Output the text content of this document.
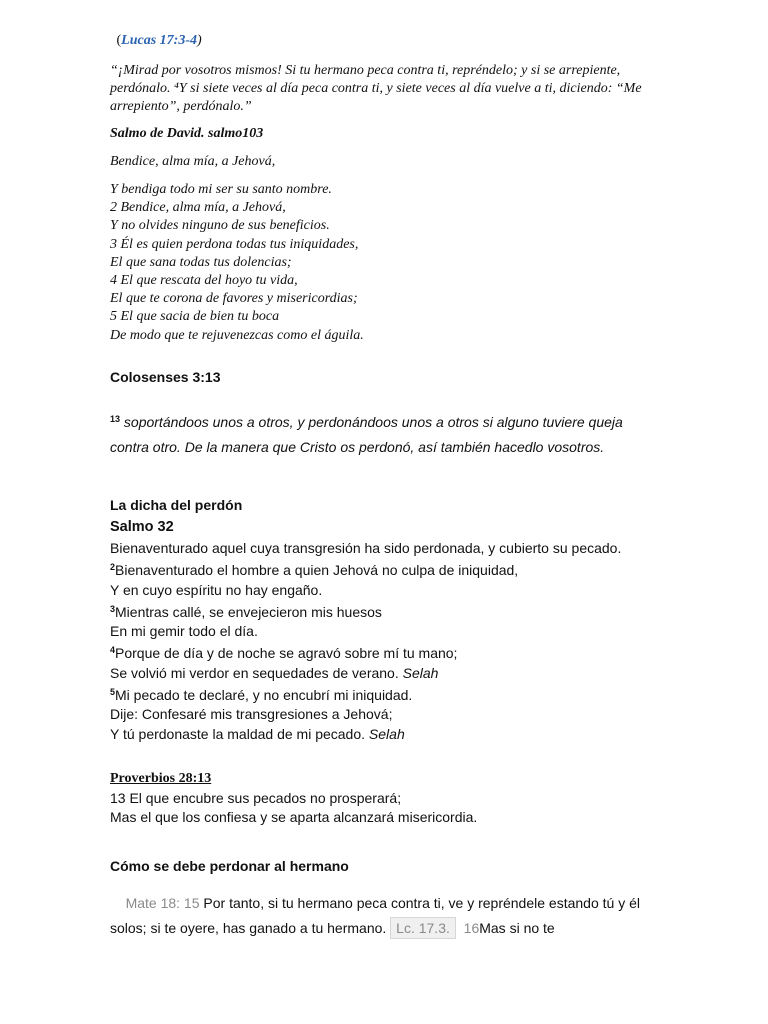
(Lucas 17:3-4)
“¡Mirad por vosotros mismos! Si tu hermano peca contra ti, repréndelo; y si se arrepiente, perdónalo. ⁴Y si siete veces al día peca contra ti, y siete veces al día vuelve a ti, diciendo: “Me arrepiento”, perdónalo.”
Salmo de David. salmo103
Bendice, alma mía, a Jehová,
Y bendiga todo mi ser su santo nombre.
2 Bendice, alma mía, a Jehová,
Y no olvides ninguno de sus beneficios.
3 Él es quien perdona todas tus iniquidades,
El que sana todas tus dolencias;
4 El que rescata del hoyo tu vida,
El que te corona de favores y misericordias;
5 El que sacia de bien tu boca
De modo que te rejuvenezcas como el águila.
Colosenses 3:13
$^{13}$ soportándoos unos a otros, y perdonándoos unos a otros si alguno tuviere queja contra otro. De la manera que Cristo os perdonó, así también hacedlo vosotros.
La dicha del perdón
Salmo 32
Bienaventurado aquel cuya transgresión ha sido perdonada, y cubierto su pecado.
$^2$Bienaventurado el hombre a quien Jehová no culpa de iniquidad,
Y en cuyo espíritu no hay engaño.
$^3$Mientras callé, se envejecieron mis huesos
En mi gemir todo el día.
$^4$Porque de día y de noche se agravó sobre mí tu mano;
Se volvió mi verdor en sequedades de verano. Selah
$^5$Mi pecado te declaré, y no encubrí mi iniquidad.
Dije: Confesaré mis transgresiones a Jehová;
Y tú perdonaste la maldad de mi pecado. Selah
Proverbios 28:13
13 El que encubre sus pecados no prosperará;
Mas el que los confiesa y se aparta alcanzará misericordia.
Cómo se debe perdonar al hermano
Mate 18: 15 Por tanto, si tu hermano peca contra ti, ve y repréndele estando tú y él solos; si te oyere, has ganado a tu hermano. Lc. 17.3. 16Mas si no te
